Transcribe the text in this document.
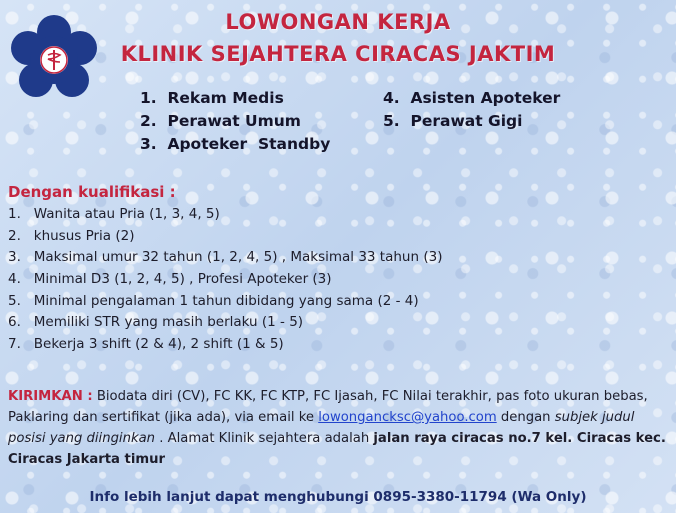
LOWONGAN KERJA
KLINIK SEJAHTERA CIRACAS JAKTIM
1.  Rekam Medis
2.  Perawat Umum
3.  Apoteker  Standby
4.  Asisten Apoteker
5.  Perawat Gigi
Dengan kualifikasi :
1.   Wanita atau Pria (1, 3, 4, 5)
2.   khusus Pria (2)
3.   Maksimal umur 32 tahun (1, 2, 4, 5) , Maksimal 33 tahun (3)
4.   Minimal D3 (1, 2, 4, 5) , Profesi Apoteker (3)
5.   Minimal pengalaman 1 tahun dibidang yang sama (2 - 4)
6.   Memiliki STR yang masih berlaku (1 - 5)
7.   Bekerja 3 shift (2 & 4), 2 shift (1 & 5)
KIRIMKAN : Biodata diri (CV), FC KK, FC KTP, FC Ijasah, FC Nilai terakhir, pas foto ukuran bebas, Paklaring dan sertifikat (jika ada), via email ke lowongancksc@yahoo.com dengan subjek judul posisi yang diinginkan . Alamat Klinik sejahtera adalah jalan raya ciracas no.7 kel. Ciracas kec. Ciracas Jakarta timur
Info lebih lanjut dapat menghubungi 0895-3380-11794 (Wa Only)
